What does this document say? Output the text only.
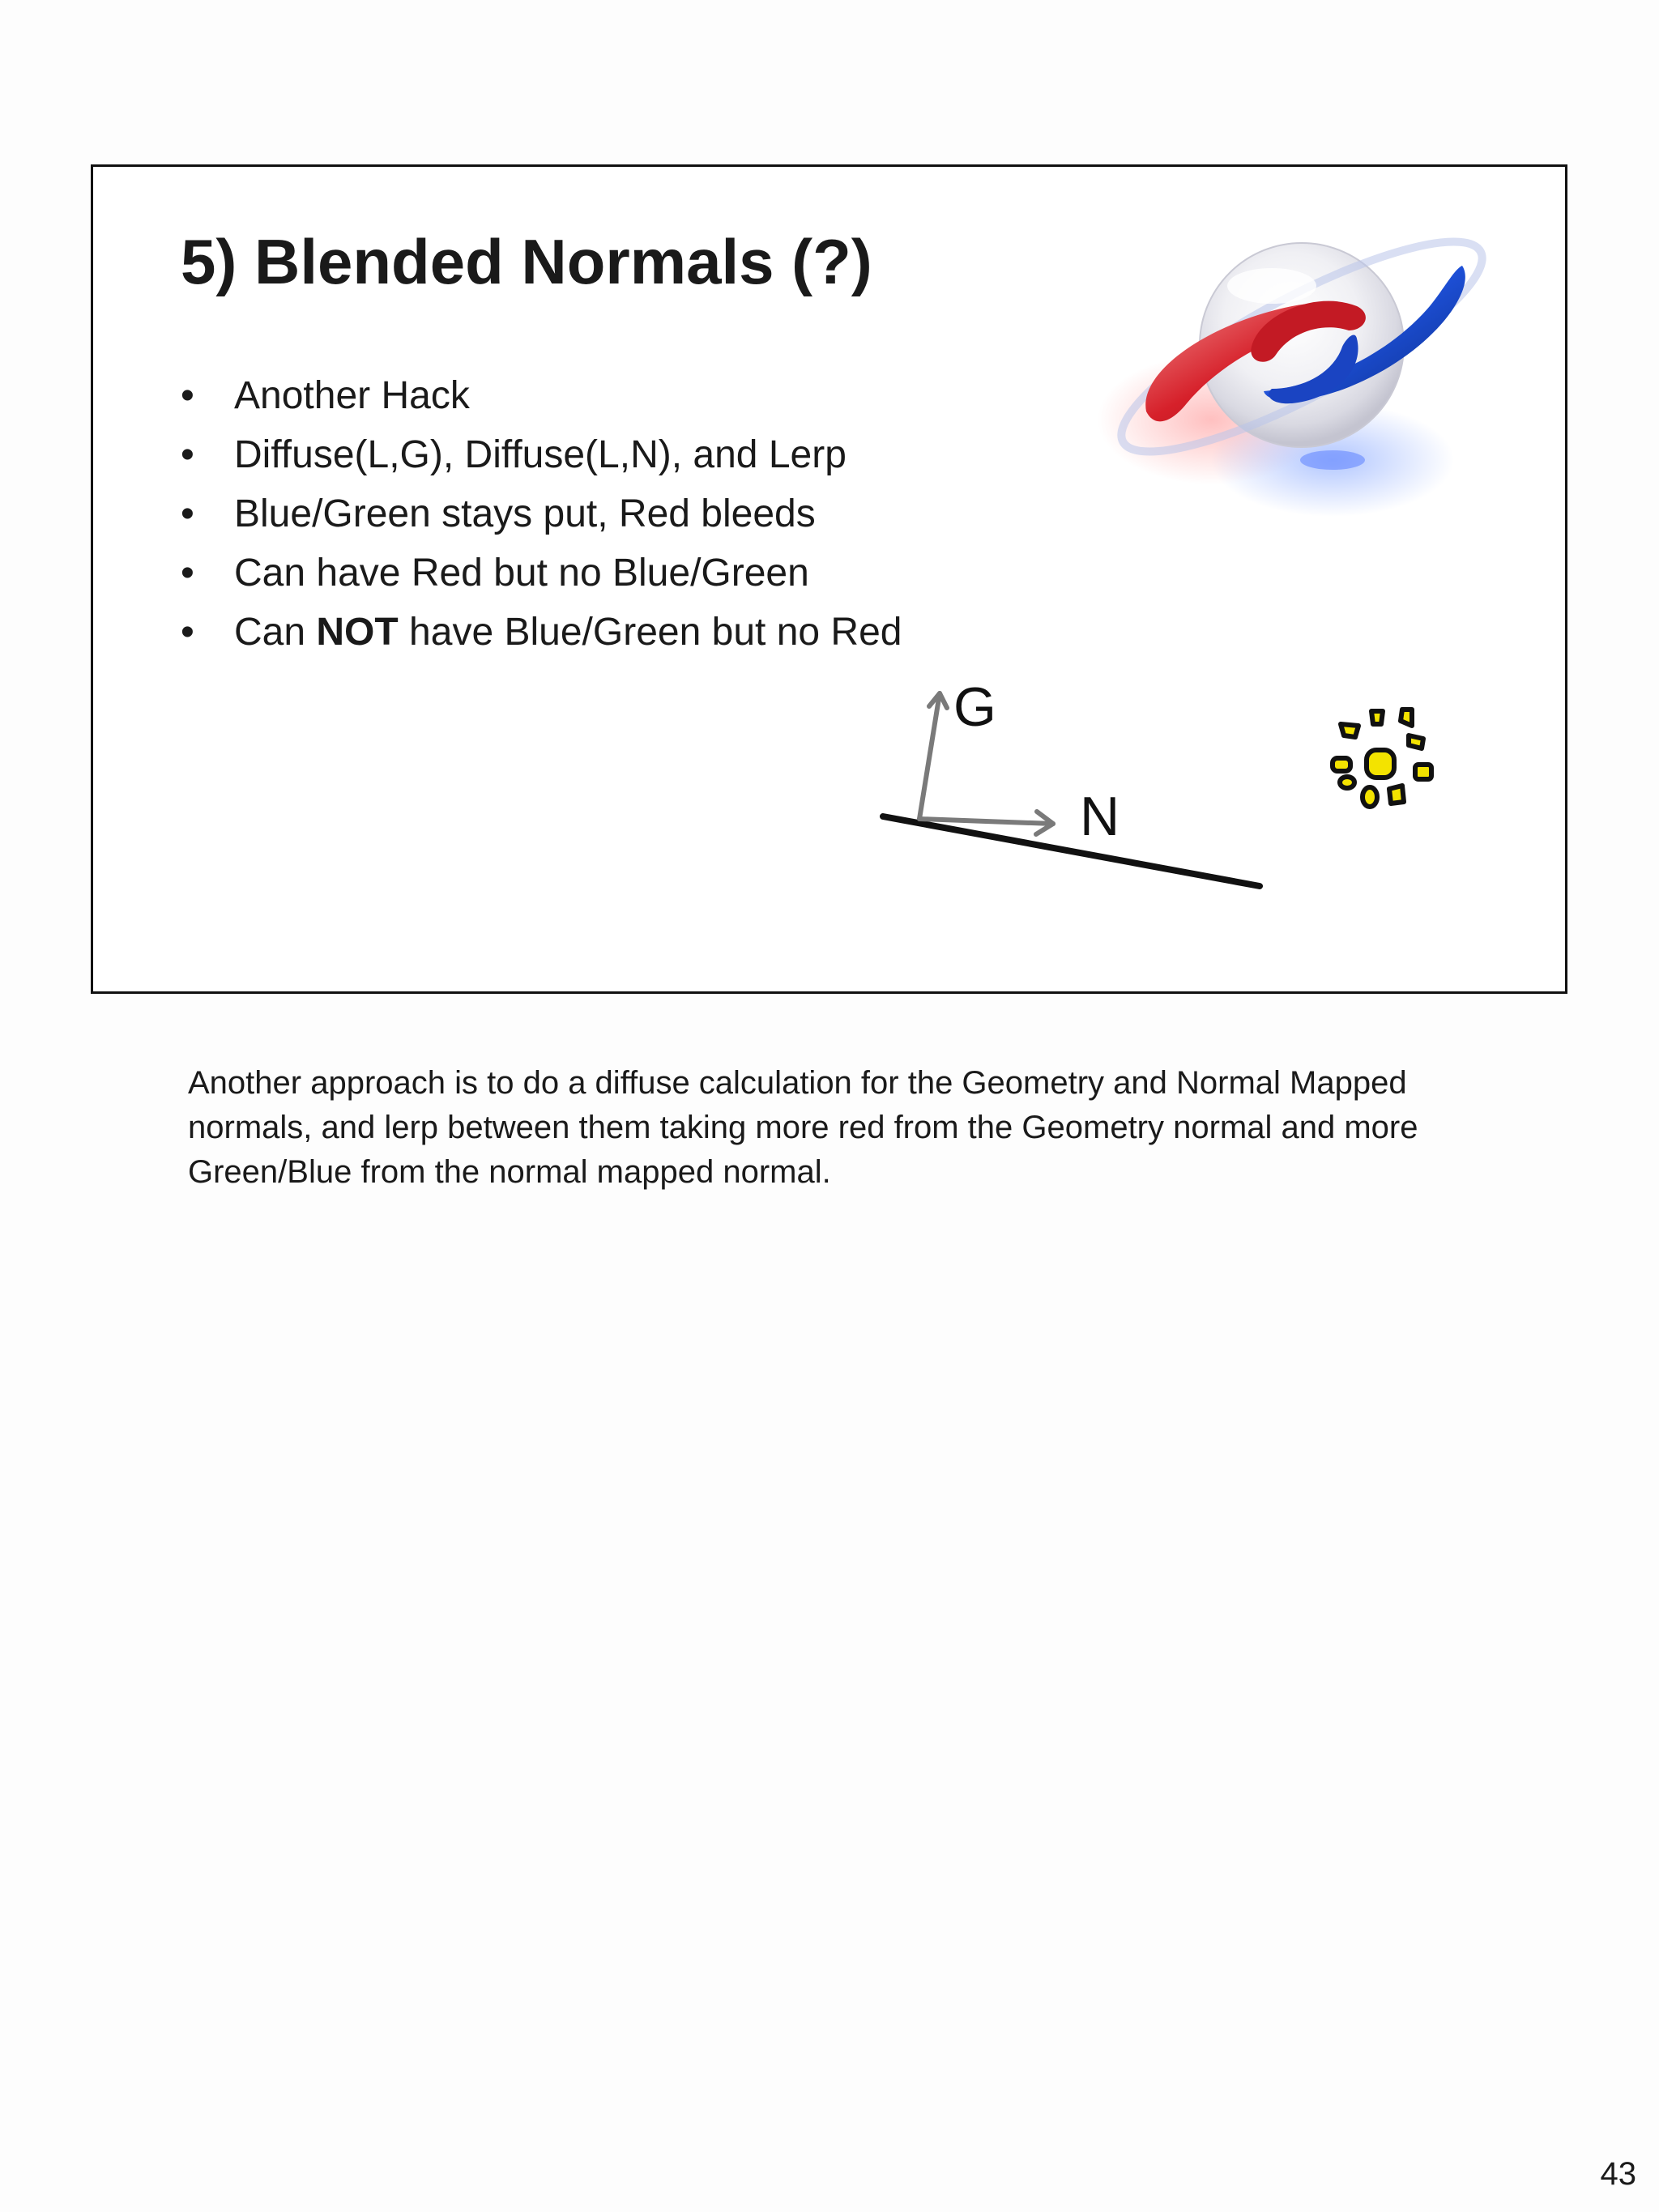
5) Blended Normals (?)
• Another Hack
• Diffuse(L,G), Diffuse(L,N), and Lerp
• Blue/Green stays put, Red bleeds
• Can have Red but no Blue/Green
• Can NOT have Blue/Green but no Red
G
N

Another approach is to do a diffuse calculation for the Geometry and Normal Mapped normals, and lerp between them taking more red from the Geometry normal and more Green/Blue from the normal mapped normal.

43
